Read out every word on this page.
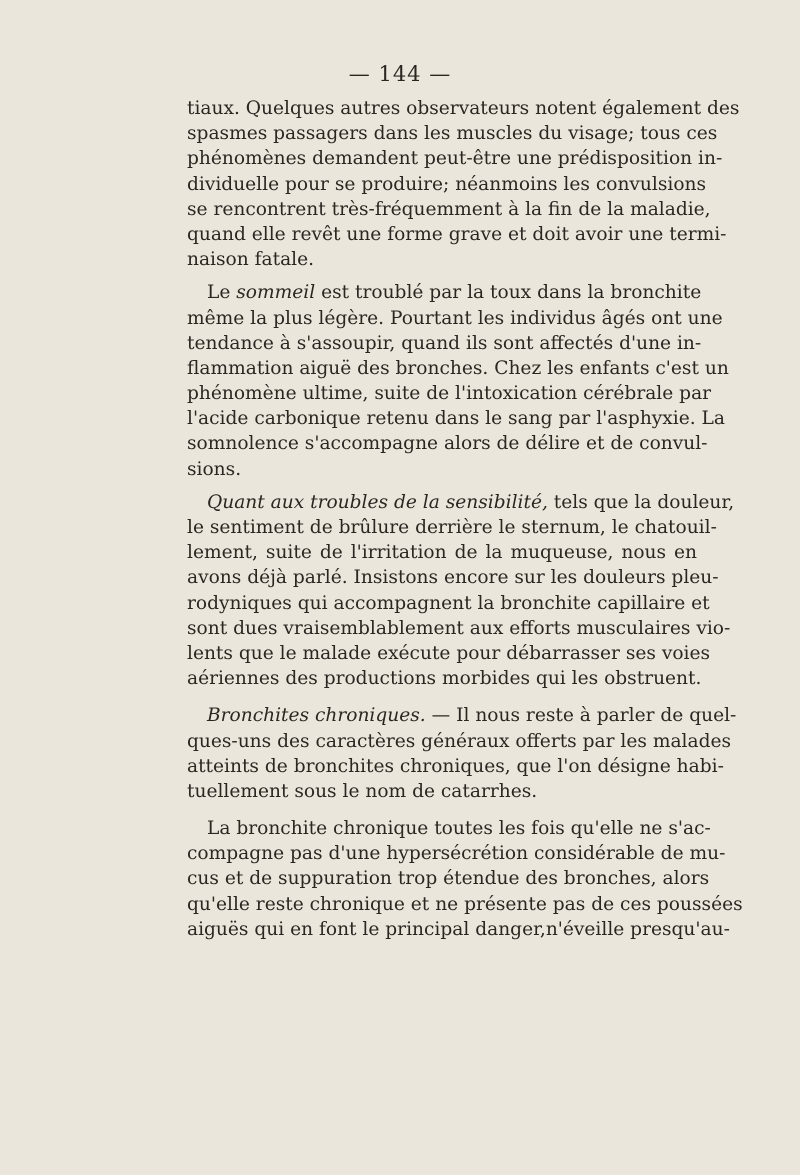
— 144 —
tiaux. Quelques autres observateurs notent également des
spasmes passagers dans les muscles du visage; tous ces
phénomènes demandent peut-être une prédisposition in-
dividuelle pour se produire; néanmoins les convulsions
se rencontrent très-fréquemment à la fin de la maladie,
quand elle revêt une forme grave et doit avoir une termi-
naison fatale.
Le sommeil est troublé par la toux dans la bronchite
même la plus légère. Pourtant les individus âgés ont une
tendance à s'assoupir, quand ils sont affectés d'une in-
flammation aiguë des bronches. Chez les enfants c'est un
phénomène ultime, suite de l'intoxication cérébrale par
l'acide carbonique retenu dans le sang par l'asphyxie. La
somnolence s'accompagne alors de délire et de convul-
sions.
Quant aux troubles de la sensibilité, tels que la douleur,
le sentiment de brûlure derrière le sternum, le chatouil-
lement, suite de l'irritation de la muqueuse, nous en
avons déjà parlé. Insistons encore sur les douleurs pleu-
rodyniques qui accompagnent la bronchite capillaire et
sont dues vraisemblablement aux efforts musculaires vio-
lents que le malade exécute pour débarrasser ses voies
aériennes des productions morbides qui les obstruent.
Bronchites chroniques. — Il nous reste à parler de quel-
ques-uns des caractères généraux offerts par les malades
atteints de bronchites chroniques, que l'on désigne habi-
tuellement sous le nom de catarrhes.
La bronchite chronique toutes les fois qu'elle ne s'ac-
compagne pas d'une hypersécrétion considérable de mu-
cus et de suppuration trop étendue des bronches, alors
qu'elle reste chronique et ne présente pas de ces poussées
aiguës qui en font le principal danger,n'éveille presqu'au-
